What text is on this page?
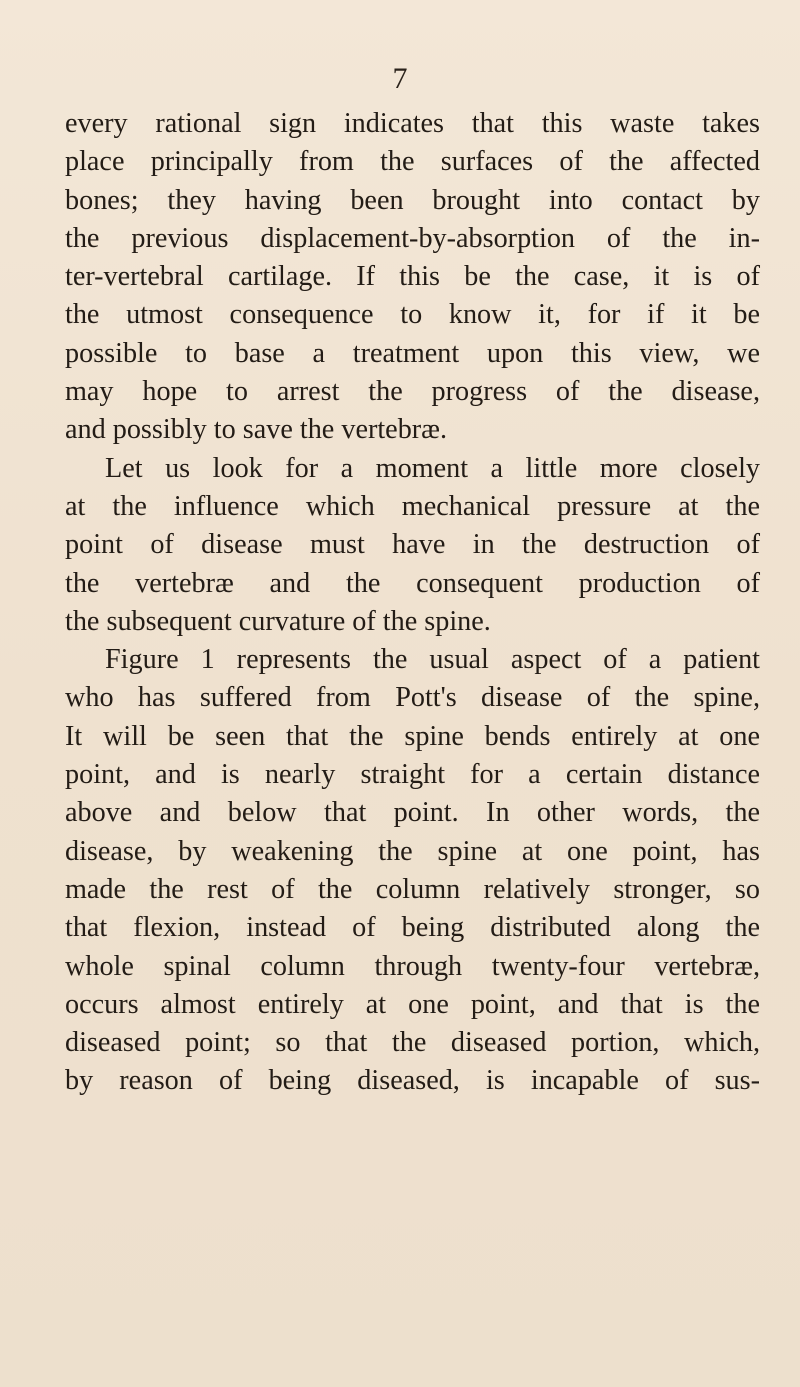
7
every rational sign indicates that this waste takes
place principally from the surfaces of the affected
bones; they having been brought into contact by
the previous displacement-by-absorption of the in-
ter-vertebral cartilage. If this be the case, it is of
the utmost consequence to know it, for if it be
possible to base a treatment upon this view, we
may hope to arrest the progress of the disease,
and possibly to save the vertebræ.
Let us look for a moment a little more closely
at the influence which mechanical pressure at the
point of disease must have in the destruction of
the vertebræ and the consequent production of
the subsequent curvature of the spine.
Figure 1 represents the usual aspect of a patient
who has suffered from Pott's disease of the spine,
It will be seen that the spine bends entirely at one
point, and is nearly straight for a certain distance
above and below that point. In other words, the
disease, by weakening the spine at one point, has
made the rest of the column relatively stronger, so
that flexion, instead of being distributed along the
whole spinal column through twenty-four vertebræ,
occurs almost entirely at one point, and that is the
diseased point; so that the diseased portion, which,
by reason of being diseased, is incapable of sus-
